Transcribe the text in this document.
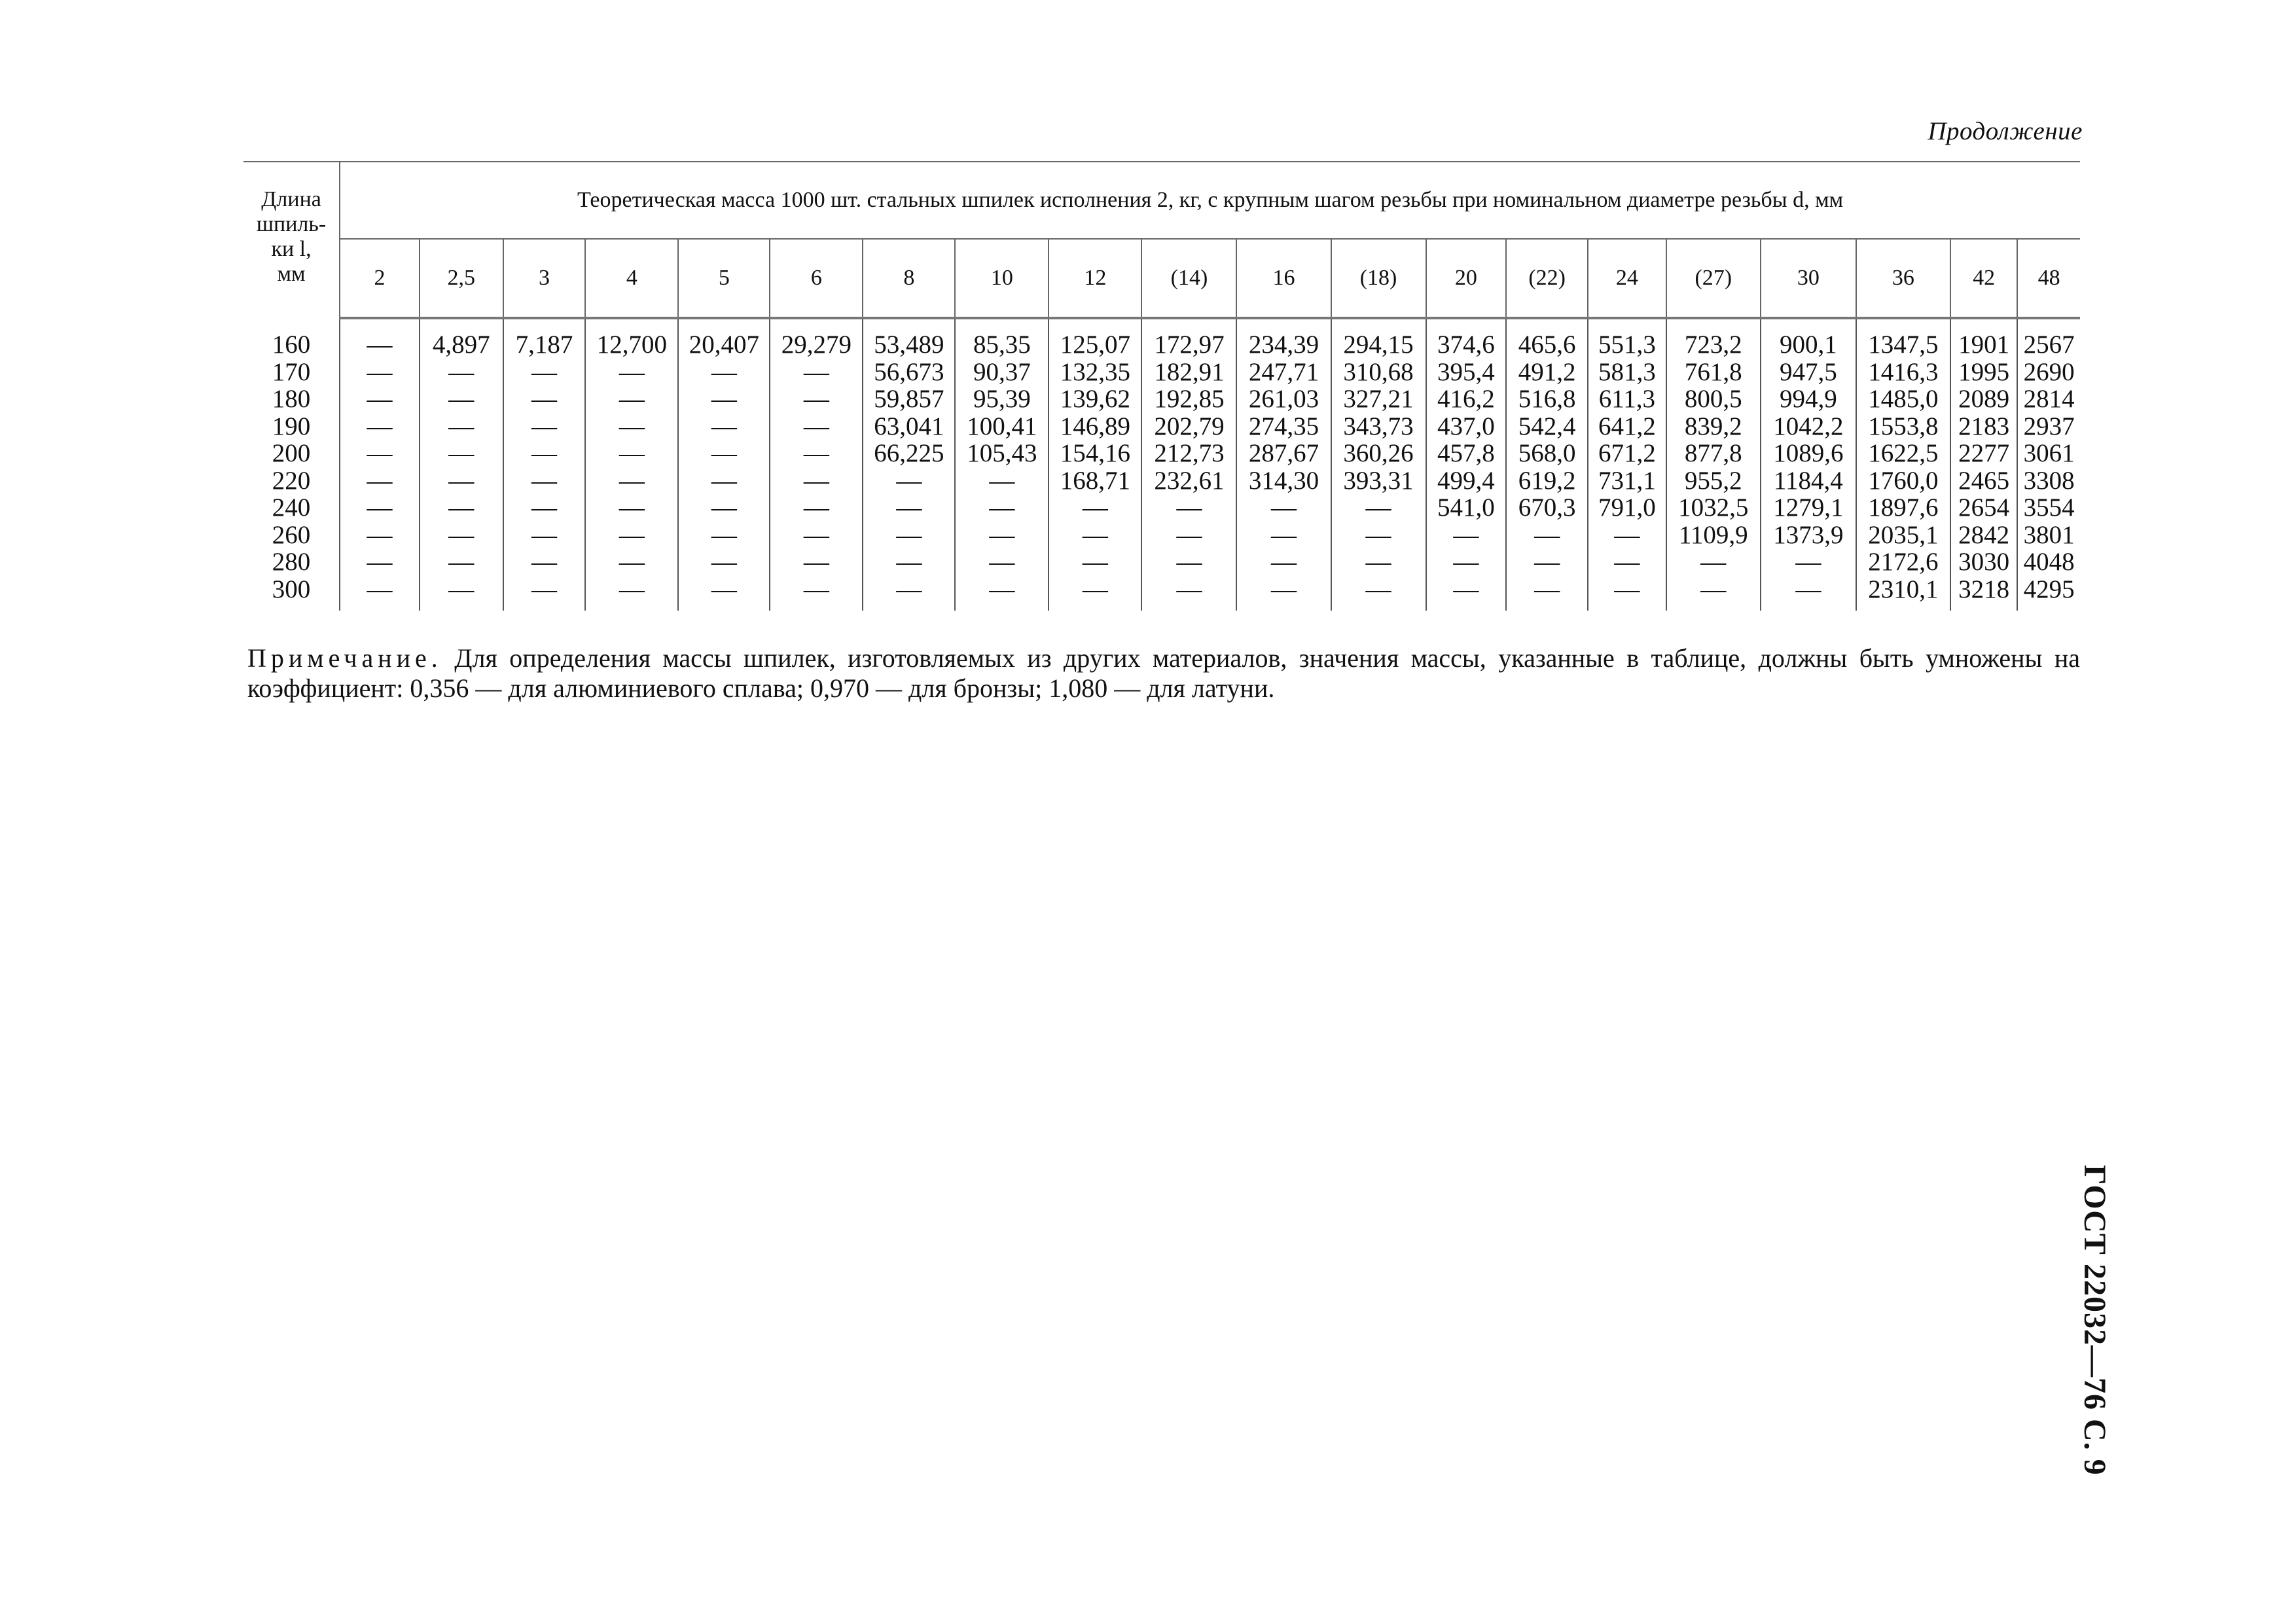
Продолжение
Длина
шпиль-
ки l,
мм	Теоретическая масса 1000 шт. стальных шпилек исполнения 2, кг, с крупным шагом резьбы при номинальном диаметре резьбы d, мм																			
	2	2,5	3	4	5	6	8	10	12	(14)	16	(18)	20	(22)	24	(27)	30	36	42	48

160	—	4,897	7,187	12,700	20,407	29,279	53,489	85,35	125,07	172,97	234,39	294,15	374,6	465,6	551,3	723,2	900,1	1347,5	1901	2567
170	—	—	—	—	—	—	56,673	90,37	132,35	182,91	247,71	310,68	395,4	491,2	581,3	761,8	947,5	1416,3	1995	2690
180	—	—	—	—	—	—	59,857	95,39	139,62	192,85	261,03	327,21	416,2	516,8	611,3	800,5	994,9	1485,0	2089	2814
190	—	—	—	—	—	—	63,041	100,41	146,89	202,79	274,35	343,73	437,0	542,4	641,2	839,2	1042,2	1553,8	2183	2937
200	—	—	—	—	—	—	66,225	105,43	154,16	212,73	287,67	360,26	457,8	568,0	671,2	877,8	1089,6	1622,5	2277	3061
220	—	—	—	—	—	—	—	—	168,71	232,61	314,30	393,31	499,4	619,2	731,1	955,2	1184,4	1760,0	2465	3308
240	—	—	—	—	—	—	—	—	—	—	—	—	541,0	670,3	791,0	1032,5	1279,1	1897,6	2654	3554
260	—	—	—	—	—	—	—	—	—	—	—	—	—	—	—	1109,9	1373,9	2035,1	2842	3801
280	—	—	—	—	—	—	—	—	—	—	—	—	—	—	—	—	—	2172,6	3030	4048
300	—	—	—	—	—	—	—	—	—	—	—	—	—	—	—	—	—	2310,1	3218	4295
Примечание. Для определения массы шпилек, изготовляемых из других материалов, значения массы, указанные в таблице, должны быть умножены на коэффициент: 0,356 — для алюминиевого сплава; 0,970 — для бронзы; 1,080 — для латуни.
ГОСТ 22032—76 С. 9
